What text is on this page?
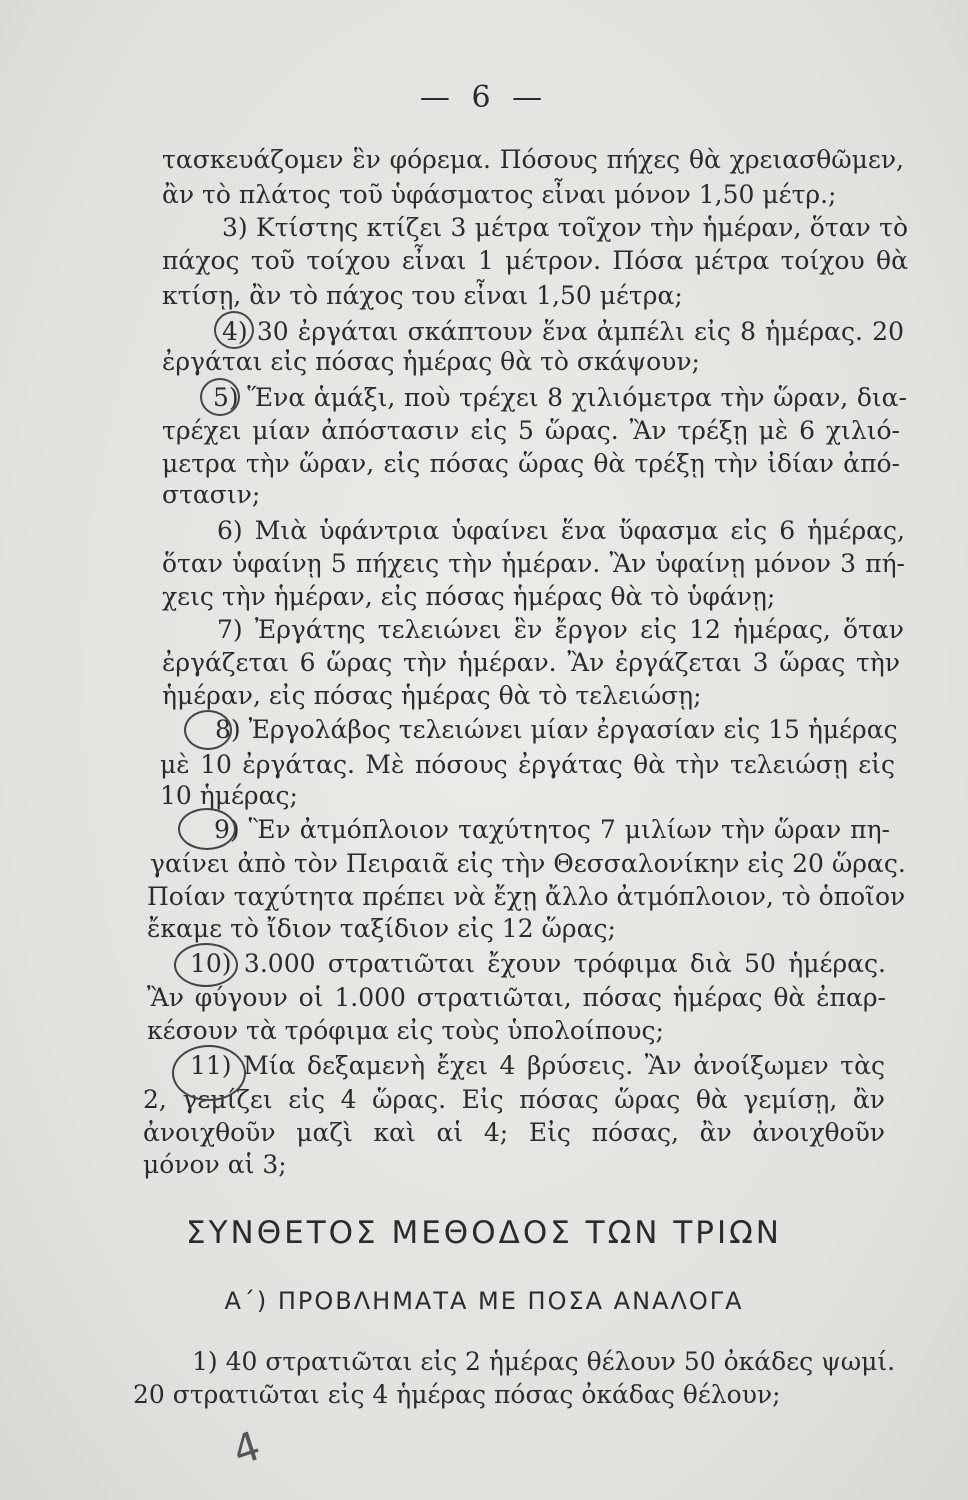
— 6 —
τασκευάζομεν ἓν φόρεμα. Πόσους πήχες θὰ χρειασθῶμεν,
ἂν τὸ πλάτος τοῦ ὑφάσματος εἶναι μόνον 1,50 μέτρ.;
3) Κτίστης κτίζει 3 μέτρα τοῖχον τὴν ἡμέραν, ὅταν τὸ
πάχος τοῦ τοίχου εἶναι 1 μέτρον. Πόσα μέτρα τοίχου θὰ
κτίσῃ, ἂν τὸ πάχος του εἶναι 1,50 μέτρα;
4) 30 ἐργάται σκάπτουν ἕνα ἀμπέλι εἰς 8 ἡμέρας. 20
ἐργάται εἰς πόσας ἡμέρας θὰ τὸ σκάψουν;
5) Ἕνα ἁμάξι, ποὺ τρέχει 8 χιλιόμετρα τὴν ὥραν, δια-
τρέχει μίαν ἀπόστασιν εἰς 5 ὥρας. Ἂν τρέξῃ μὲ 6 χιλιό-
μετρα τὴν ὥραν, εἰς πόσας ὥρας θὰ τρέξῃ τὴν ἰδίαν ἀπό-
στασιν;
6) Μιὰ ὑφάντρια ὑφαίνει ἕνα ὕφασμα εἰς 6 ἡμέρας,
ὅταν ὑφαίνῃ 5 πήχεις τὴν ἡμέραν. Ἂν ὑφαίνῃ μόνον 3 πή-
χεις τὴν ἡμέραν, εἰς πόσας ἡμέρας θὰ τὸ ὑφάνῃ;
7) Ἐργάτης τελειώνει ἓν ἔργον εἰς 12 ἡμέρας, ὅταν
ἐργάζεται 6 ὥρας τὴν ἡμέραν. Ἂν ἐργάζεται 3 ὥρας τὴν
ἡμέραν, εἰς πόσας ἡμέρας θὰ τὸ τελειώσῃ;
8) Ἐργολάβος τελειώνει μίαν ἐργασίαν εἰς 15 ἡμέρας
μὲ 10 ἐργάτας. Μὲ πόσους ἐργάτας θὰ τὴν τελειώσῃ εἰς
10 ἡμέρας;
9) Ἓν ἀτμόπλοιον ταχύτητος 7 μιλίων τὴν ὥραν πη-
γαίνει ἀπὸ τὸν Πειραιᾶ εἰς τὴν Θεσσαλονίκην εἰς 20 ὥρας.
Ποίαν ταχύτητα πρέπει νὰ ἔχῃ ἄλλο ἀτμόπλοιον, τὸ ὁποῖον
ἔκαμε τὸ ἴδιον ταξίδιον εἰς 12 ὥρας;
10) 3.000 στρατιῶται ἔχουν τρόφιμα διὰ 50 ἡμέρας.
Ἂν φύγουν οἱ 1.000 στρατιῶται, πόσας ἡμέρας θὰ ἐπαρ-
κέσουν τὰ τρόφιμα εἰς τοὺς ὑπολοίπους;
11) Μία δεξαμενὴ ἔχει 4 βρύσεις. Ἂν ἀνοίξωμεν τὰς
2, γεμίζει εἰς 4 ὥρας. Εἰς πόσας ὥρας θὰ γεμίσῃ, ἂν
ἀνοιχθοῦν μαζὶ καὶ αἱ 4; Εἰς πόσας, ἂν ἀνοιχθοῦν
μόνον αἱ 3;
ΣΥΝΘΕΤΟΣ ΜΕΘΟΔΟΣ ΤΩΝ ΤΡΙΩΝ
Α΄) ΠΡΟΒΛΗΜΑΤΑ ΜΕ ΠΟΣΑ ΑΝΑΛΟΓΑ
1) 40 στρατιῶται εἰς 2 ἡμέρας θέλουν 50 ὀκάδες ψωμί.
20 στρατιῶται εἰς 4 ἡμέρας πόσας ὀκάδας θέλουν;
4
